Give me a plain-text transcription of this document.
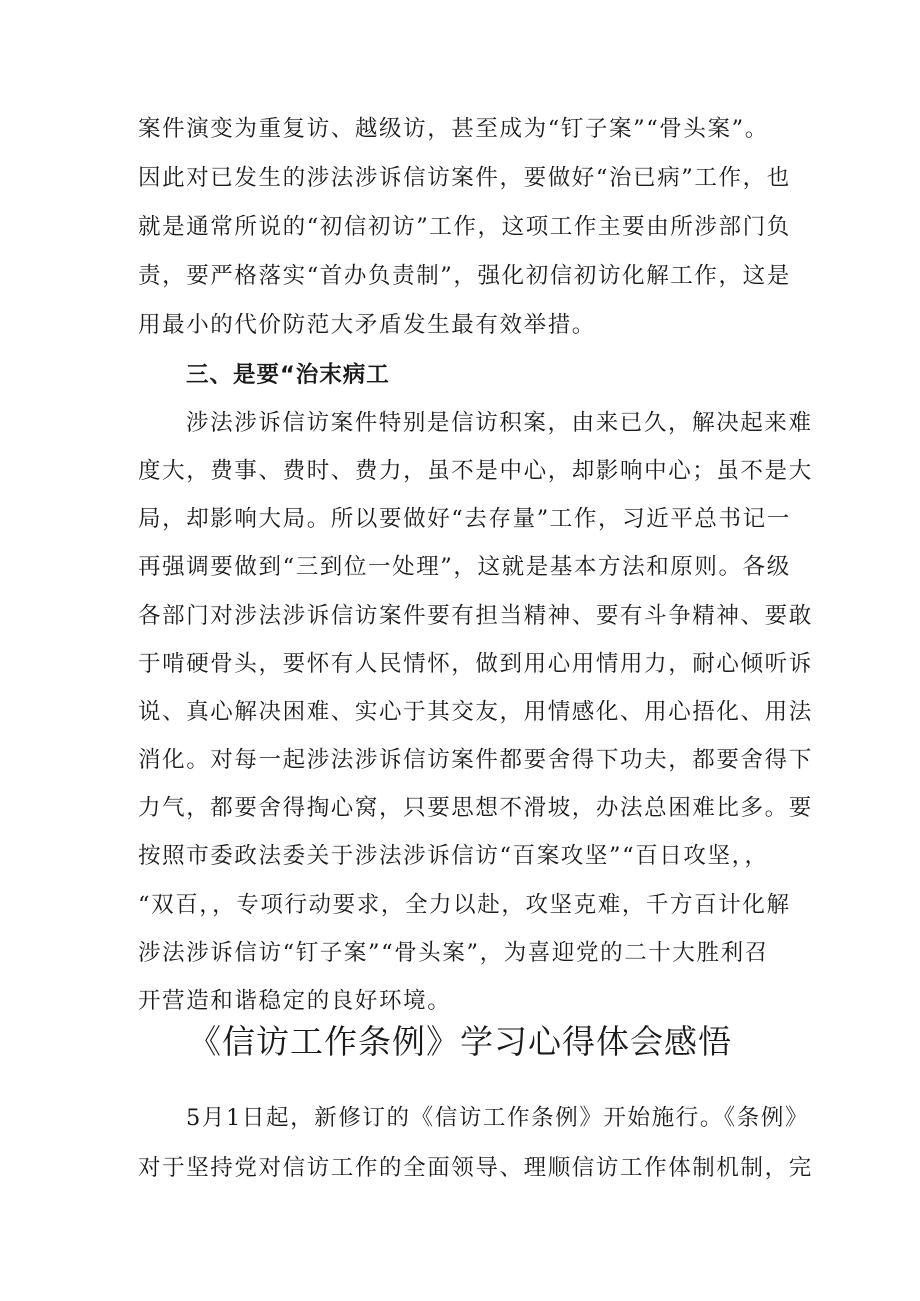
案件演变为重复访、越级访，甚至成为“钉子案”“骨头案”。
因此对已发生的涉法涉诉信访案件，要做好“治已病”工作，也
就是通常所说的“初信初访”工作，这项工作主要由所涉部门负
责，要严格落实“首办负责制”，强化初信初访化解工作，这是
用最小的代价防范大矛盾发生最有效举措。
三、是要“治末病工
涉法涉诉信访案件特别是信访积案，由来已久，解决起来难
度大，费事、费时、费力，虽不是中心，却影响中心；虽不是大
局，却影响大局。所以要做好“去存量”工作，习近平总书记一
再强调要做到“三到位一处理”，这就是基本方法和原则。各级
各部门对涉法涉诉信访案件要有担当精神、要有斗争精神、要敢
于啃硬骨头，要怀有人民情怀，做到用心用情用力，耐心倾听诉
说、真心解决困难、实心于其交友，用情感化、用心捂化、用法
消化。对每一起涉法涉诉信访案件都要舍得下功夫，都要舍得下
力气，都要舍得掏心窝，只要思想不滑坡，办法总困难比多。要
按照市委政法委关于涉法涉诉信访“百案攻坚”“百日攻坚，，
“双百，，专项行动要求，全力以赴，攻坚克难，千方百计化解
涉法涉诉信访“钉子案”“骨头案”，为喜迎党的二十大胜利召
开营造和谐稳定的良好环境。
《信访工作条例》学习心得体会感悟
5月1日起，新修订的《信访工作条例》开始施行。《条例》
对于坚持党对信访工作的全面领导、理顺信访工作体制机制，完
